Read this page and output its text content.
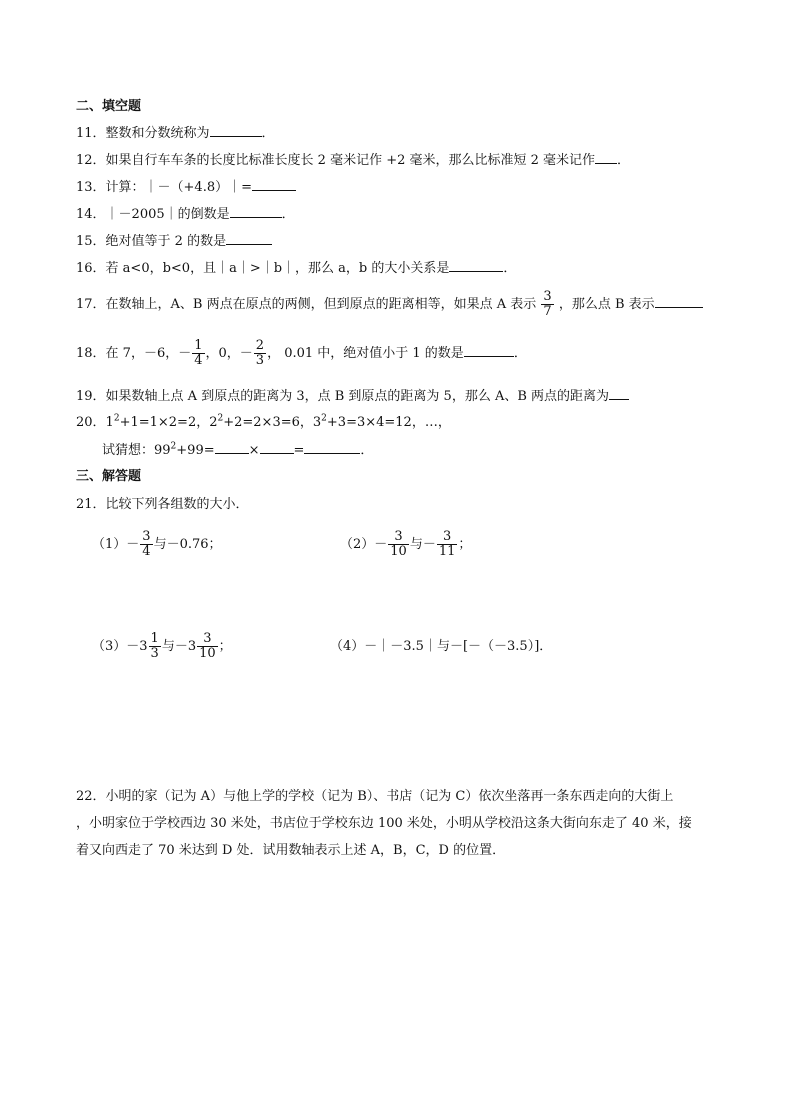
二、填空题
11．整数和分数统称为	．
12．如果自行车车条的长度比标准长度长 2 毫米记作 +2 毫米，那么比标准短 2 毫米记作 ．
13．计算：｜－（+4.8）｜=
14．｜－2005｜的倒数是	．
15．绝对值等于 2 的数是
16．若 a<0，b<0，且｜a｜>｜b｜，那么 a，b 的大小关系是	．
17．在数轴上，A、B 两点在原点的两侧，但到原点的距离相等，如果点 A 表示 $\frac{3}{7}$ ，那么点 B 表示
18．在 7，－6，－ $\frac{1}{4}$ ，0，－ $\frac{2}{3}$ ， 0.01 中，绝对值小于 1 的数是	．
19．如果数轴上点 A 到原点的距离为 3，点 B 到原点的距离为 5，那么 A、B 两点的距离为
20．$1^2+1=1\times 2=2$，$2^2+2=2\times 3=6$，$3^2+3=3\times 4=12$，…，
试猜想：$99^2+99=$	×	=	．
三、解答题
21．比较下列各组数的大小．
$(1)- \frac{3}{4}$ 与－0.76；	$(2)- \frac{3}{10}$ 与－ $\frac{3}{11}$ ；
$(3)-3 \frac{1}{3}$ 与$-3 \frac{3}{10}$ ；	（4）－｜－3.5｜与－[－（－3.5）]．
22．小明的家（记为 A）与他上学的学校（记为 B）、书店（记为 C）依次坐落再一条东西走向的大街上
，小明家位于学校西边 30 米处，书店位于学校东边 100 米处，小明从学校沿这条大街向东走了 40 米，接
着又向西走了 70 米达到 D 处．试用数轴表示上述 A，B，C，D 的位置．
